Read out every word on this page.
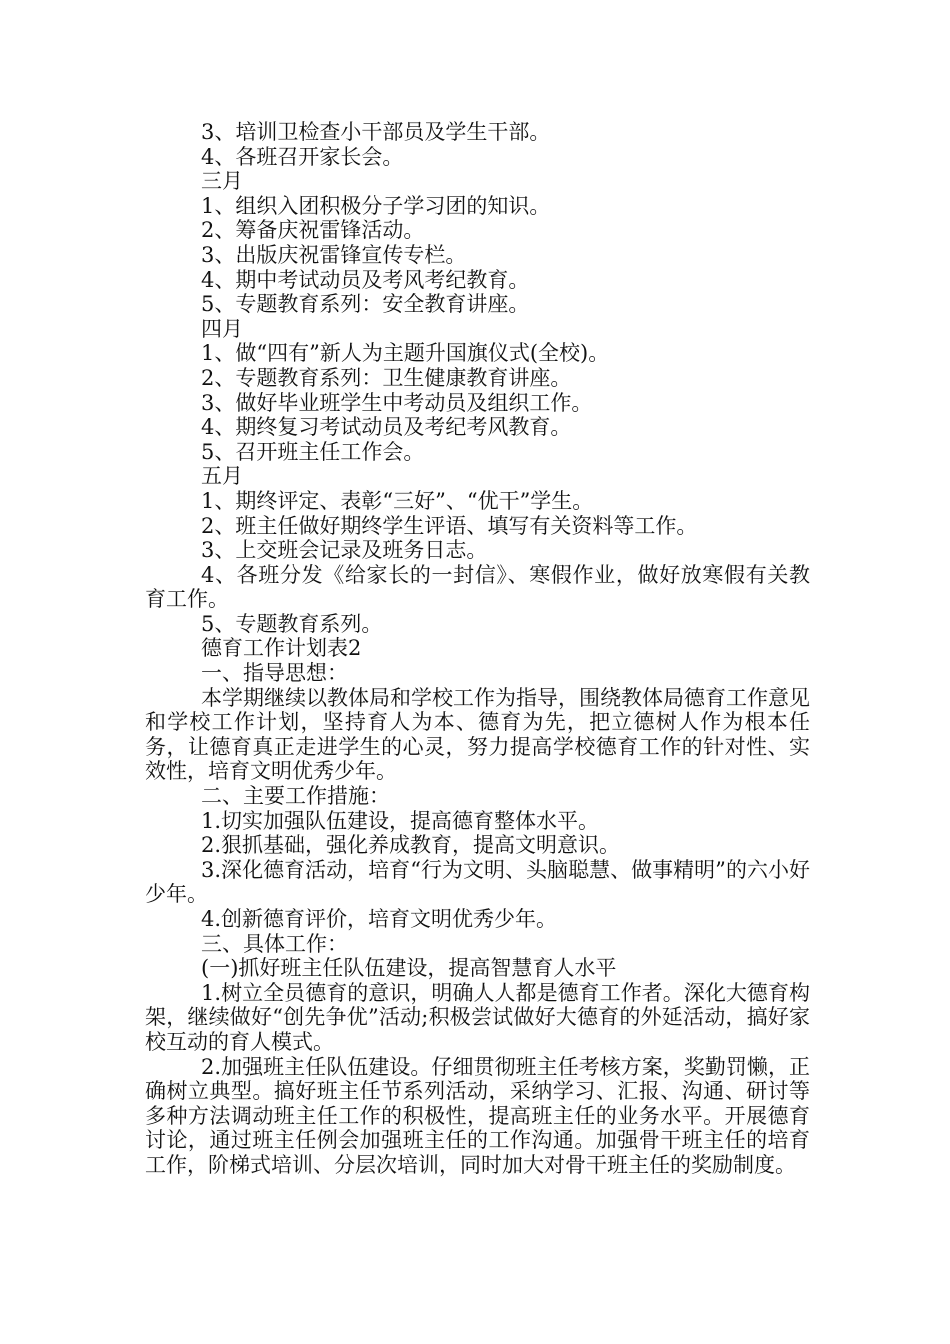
3、培训卫检查小干部员及学生干部。

4、各班召开家长会。

三月

1、组织入团积极分子学习团的知识。

2、筹备庆祝雷锋活动。

3、出版庆祝雷锋宣传专栏。

4、期中考试动员及考风考纪教育。

5、专题教育系列：安全教育讲座。

四月

1、做“四有”新人为主题升国旗仪式(全校)。

2、专题教育系列：卫生健康教育讲座。

3、做好毕业班学生中考动员及组织工作。

4、期终复习考试动员及考纪考风教育。

5、召开班主任工作会。

五月

1、期终评定、表彰“三好”、“优干”学生。

2、班主任做好期终学生评语、填写有关资料等工作。

3、上交班会记录及班务日志。

4、各班分发《给家长的一封信》、寒假作业，做好放寒假有关教育工作。

5、专题教育系列。

德育工作计划表2

一、指导思想：

本学期继续以教体局和学校工作为指导，围绕教体局德育工作意见和学校工作计划，坚持育人为本、德育为先，把立德树人作为根本任务，让德育真正走进学生的心灵，努力提高学校德育工作的针对性、实效性，培育文明优秀少年。

二、主要工作措施：

1.切实加强队伍建设，提高德育整体水平。

2.狠抓基础，强化养成教育，提高文明意识。

3.深化德育活动，培育“行为文明、头脑聪慧、做事精明”的六小好少年。

4.创新德育评价，培育文明优秀少年。

三、具体工作：

(一)抓好班主任队伍建设，提高智慧育人水平

1.树立全员德育的意识，明确人人都是德育工作者。深化大德育构架，继续做好“创先争优”活动;积极尝试做好大德育的外延活动，搞好家校互动的育人模式。

2.加强班主任队伍建设。仔细贯彻班主任考核方案，奖勤罚懒，正确树立典型。搞好班主任节系列活动，采纳学习、汇报、沟通、研讨等多种方法调动班主任工作的积极性，提高班主任的业务水平。开展德育讨论，通过班主任例会加强班主任的工作沟通。加强骨干班主任的培育工作，阶梯式培训、分层次培训，同时加大对骨干班主任的奖励制度。
